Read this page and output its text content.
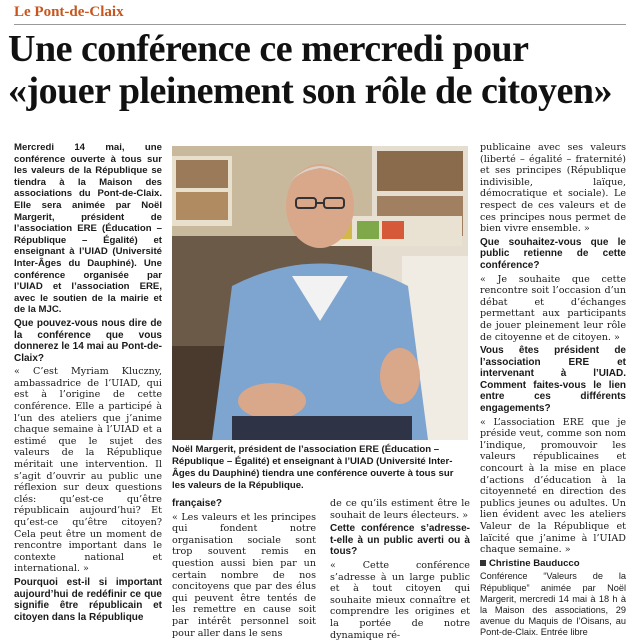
Le Pont-de-Claix
Une conférence ce mercredi pour
«jouer pleinement son rôle de citoyen»

Mercredi 14 mai, une conférence ouverte à tous sur les valeurs de la République se tiendra à la Maison des associations du Pont-de-Claix. Elle sera animée par Noël Margerit, président de l’association ERE (Éducation – République – Égalité) et enseignant à l’UIAD (Université Inter-Âges du Dauphiné). Une conférence organisée par l’UIAD et l’association ERE, avec le soutien de la mairie et de la MJC.

Que pouvez-vous nous dire de la conférence que vous donnerez le 14 mai au Pont-de-Claix?

« C’est Myriam Kluczny, ambassadrice de l’UIAD, qui est à l’origine de cette conférence. Elle a participé à l’un des ateliers que j’anime chaque semaine à l’UIAD et a estimé que le sujet des valeurs de la République méritait une intervention. Il s’agit d’ouvrir au public une réflexion sur deux questions clés: qu’est-ce qu’être républicain aujourd’hui? Et qu’est-ce qu’être citoyen? Cela peut être un moment de rencontre important dans le contexte national et international. »

Pourquoi est-il si important aujourd’hui de redéfinir ce que signifie être républicain et citoyen dans la République

Noël Margerit, président de l’association ERE (Éducation – République – Égalité) et enseignant à l’UIAD (Université Inter-Âges du Dauphiné) tiendra une conférence ouverte à tous sur les valeurs de la République.

française?

« Les valeurs et les principes qui fondent notre organisation sociale sont trop souvent remis en question aussi bien par un certain nombre de nos concitoyens que par des élus qui peuvent être tentés de les remettre en cause soit par intérêt personnel soit pour aller dans le sens

de ce qu’ils estiment être le souhait de leurs électeurs. »

Cette conférence s’adresse-t-elle à un public averti ou à tous?

« Cette conférence s’adresse à un large public et à tout citoyen qui souhaite mieux connaître et comprendre les origines et la portée de notre dynamique ré-

publicaine avec ses valeurs (liberté – égalité – fraternité) et ses principes (République indivisible, laïque, démocratique et sociale). Le respect de ces valeurs et de ces principes nous permet de bien vivre ensemble. »

Que souhaitez-vous que le public retienne de cette conférence?

« Je souhaite que cette rencontre soit l’occasion d’un débat et d’échanges permettant aux participants de jouer pleinement leur rôle de citoyenne et de citoyen. »

Vous êtes président de l’association ERE et intervenant à l’UIAD. Comment faites-vous le lien entre ces différents engagements?

« L’association ERE que je préside veut, comme son nom l’indique, promouvoir les valeurs républicaines et concourt à la mise en place d’actions d’éducation à la citoyenneté en direction des publics jeunes ou adultes. Un lien évident avec les ateliers Valeur de la République et laïcité que j’anime à l’UIAD chaque semaine. »

Christine Bauducco

Conférence “Valeurs de la République” animée par Noël Margerit, mercredi 14 mai à 18 h à la Maison des associations, 29 avenue du Maquis de l’Oisans, au Pont-de-Claix. Entrée libre
